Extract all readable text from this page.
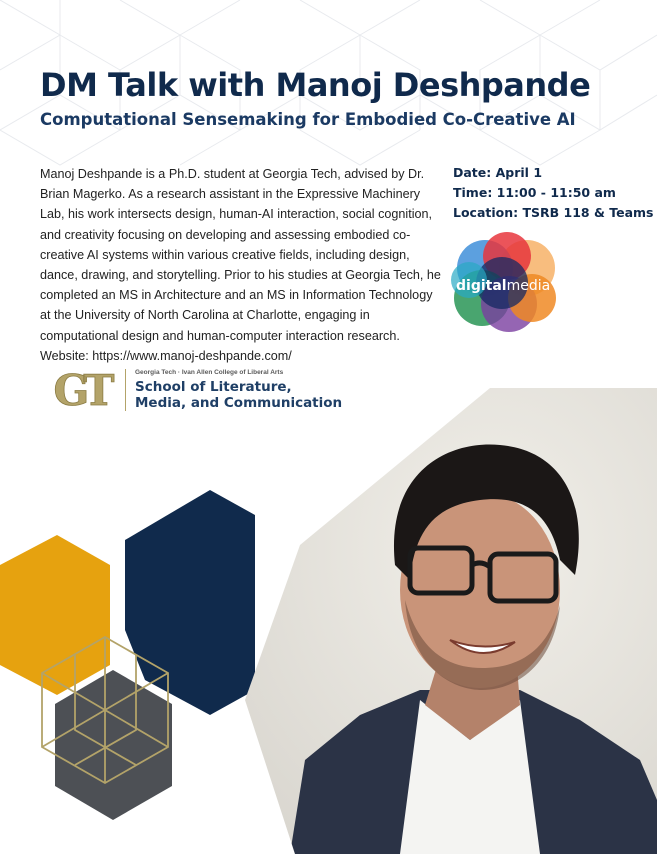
DM Talk with Manoj Deshpande
Computational Sensemaking for Embodied Co-Creative AI

Manoj Deshpande is a Ph.D. student at Georgia Tech, advised by Dr. Brian Magerko. As a research assistant in the Expressive Machinery Lab, his work intersects design, human-AI interaction, social cognition, and creativity focusing on developing and assessing embodied co-creative AI systems within various creative fields, including design, dance, drawing, and storytelling. Prior to his studies at Georgia Tech, he completed an MS in Architecture and an MS in Information Technology at the University of North Carolina at Charlotte, engaging in computational design and human-computer interaction research. Website: https://www.manoj-deshpande.com/

Date: April 1
Time: 11:00 - 11:50 am
Location: TSRB 118 & Teams
digitalmedia
GT	Georgia Tech · Ivan Allen College of Liberal Arts
School of Literature,
Media, and Communication
